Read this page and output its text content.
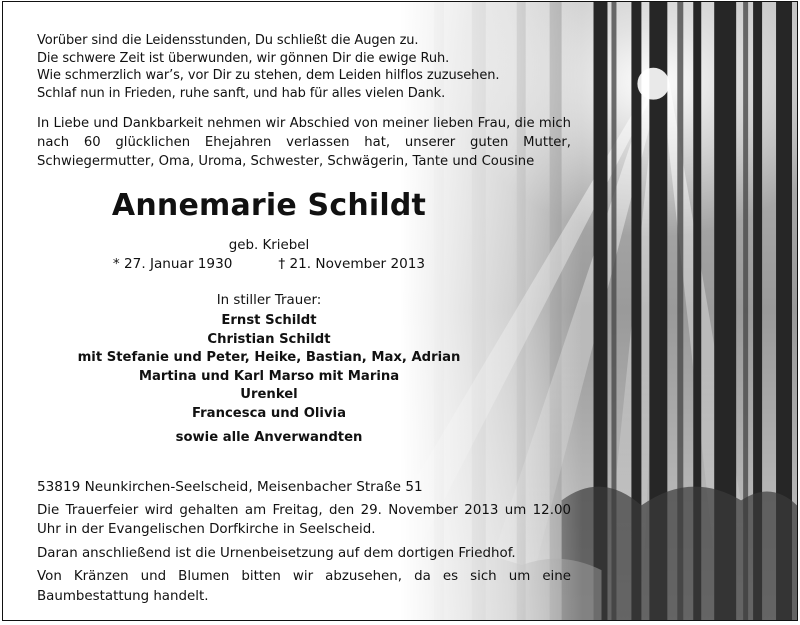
Vorüber sind die Leidensstunden, Du schließt die Augen zu.

Die schwere Zeit ist überwunden, wir gönnen Dir die ewige Ruh.

Wie schmerzlich war’s, vor Dir zu stehen, dem Leiden hilflos zuzusehen.

Schlaf nun in Frieden, ruhe sanft, und hab für alles vielen Dank.

In Liebe und Dankbarkeit nehmen wir Abschied von meiner lieben Frau, die mich nach 60 glücklichen Ehejahren verlassen hat, unserer guten Mutter, Schwiegermutter, Oma, Uroma, Schwester, Schwägerin, Tante und Cousine

Annemarie Schildt
geb. Kriebel
* 27. Januar 1930	† 21. November 2013

In stiller Trauer:

Ernst Schildt

Christian Schildt

mit Stefanie und Peter, Heike, Bastian, Max, Adrian

Martina und Karl Marso mit Marina

Urenkel

Francesca und Olivia

sowie alle Anverwandten

53819 Neunkirchen-Seelscheid, Meisenbacher Straße 51

Die Trauerfeier wird gehalten am Freitag, den 29. November 2013 um 12.00 Uhr in der Evangelischen Dorfkirche in Seelscheid.

Daran anschließend ist die Urnenbeisetzung auf dem dortigen Friedhof.

Von Kränzen und Blumen bitten wir abzusehen, da es sich um eine Baumbestattung handelt.
